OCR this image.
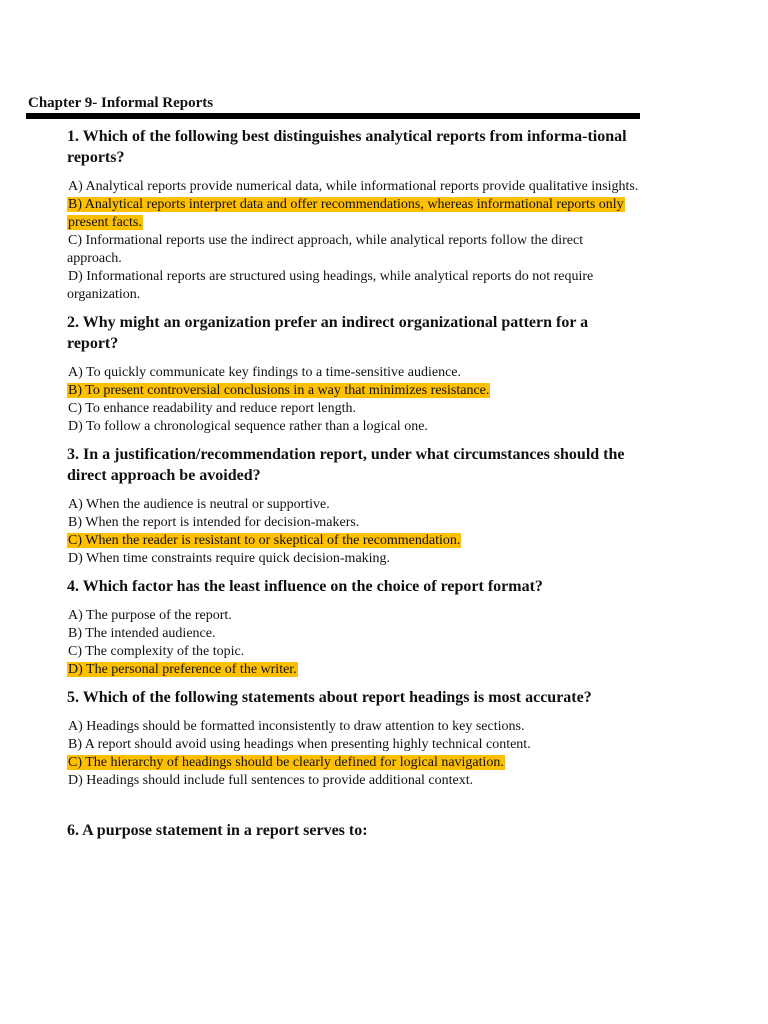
Chapter 9- Informal Reports

1. Which of the following best distinguishes analytical reports from informa-tional reports?

A) Analytical reports provide numerical data, while informational reports provide qualitative insights.
B) Analytical reports interpret data and offer recommendations, whereas informational reports only present facts.
C) Informational reports use the indirect approach, while analytical reports follow the direct approach.
D) Informational reports are structured using headings, while analytical reports do not require organization.

2. Why might an organization prefer an indirect organizational pattern for a report?

A) To quickly communicate key findings to a time-sensitive audience.
B) To present controversial conclusions in a way that minimizes resistance.
C) To enhance readability and reduce report length.
D) To follow a chronological sequence rather than a logical one.

3. In a justification/recommendation report, under what circumstances should the direct approach be avoided?

A) When the audience is neutral or supportive.
B) When the report is intended for decision-makers.
C) When the reader is resistant to or skeptical of the recommendation.
D) When time constraints require quick decision-making.

4. Which factor has the least influence on the choice of report format?

A) The purpose of the report.
B) The intended audience.
C) The complexity of the topic.
D) The personal preference of the writer.

5. Which of the following statements about report headings is most accurate?

A) Headings should be formatted inconsistently to draw attention to key sections.
B) A report should avoid using headings when presenting highly technical content.
C) The hierarchy of headings should be clearly defined for logical navigation.
D) Headings should include full sentences to provide additional context.

6. A purpose statement in a report serves to:
